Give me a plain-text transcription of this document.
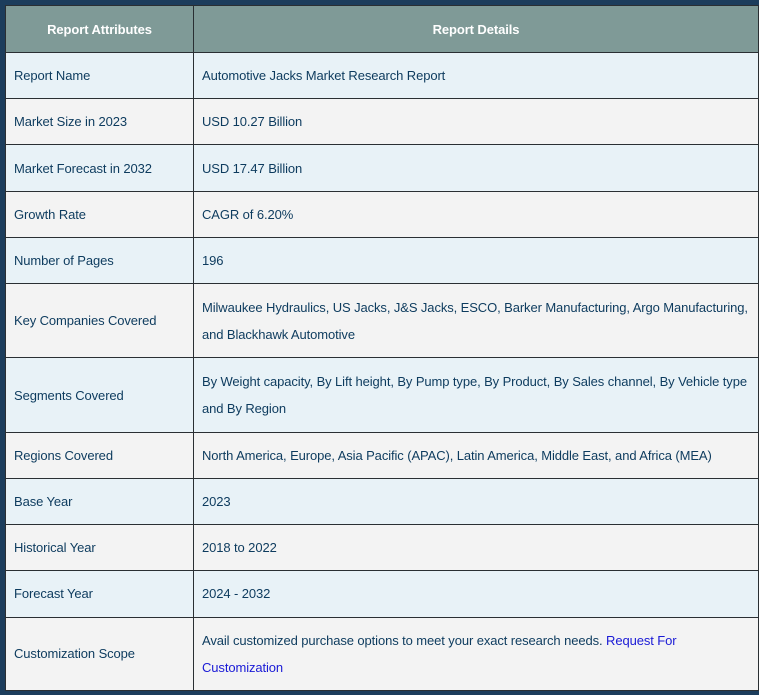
Report Attributes	Report Details
Report Name	Automotive Jacks Market Research Report
Market Size in 2023	USD 10.27 Billion
Market Forecast in 2032	USD 17.47 Billion
Growth Rate	CAGR of 6.20%
Number of Pages	196
Key Companies Covered	Milwaukee Hydraulics, US Jacks, J&S Jacks, ESCO, Barker Manufacturing, Argo Manufacturing, and Blackhawk Automotive
Segments Covered	By Weight capacity, By Lift height, By Pump type, By Product, By Sales channel, By Vehicle type and By Region
Regions Covered	North America, Europe, Asia Pacific (APAC), Latin America, Middle East, and Africa (MEA)
Base Year	2023
Historical Year	2018 to 2022
Forecast Year	2024 - 2032
Customization Scope	Avail customized purchase options to meet your exact research needs. Request For Customization
